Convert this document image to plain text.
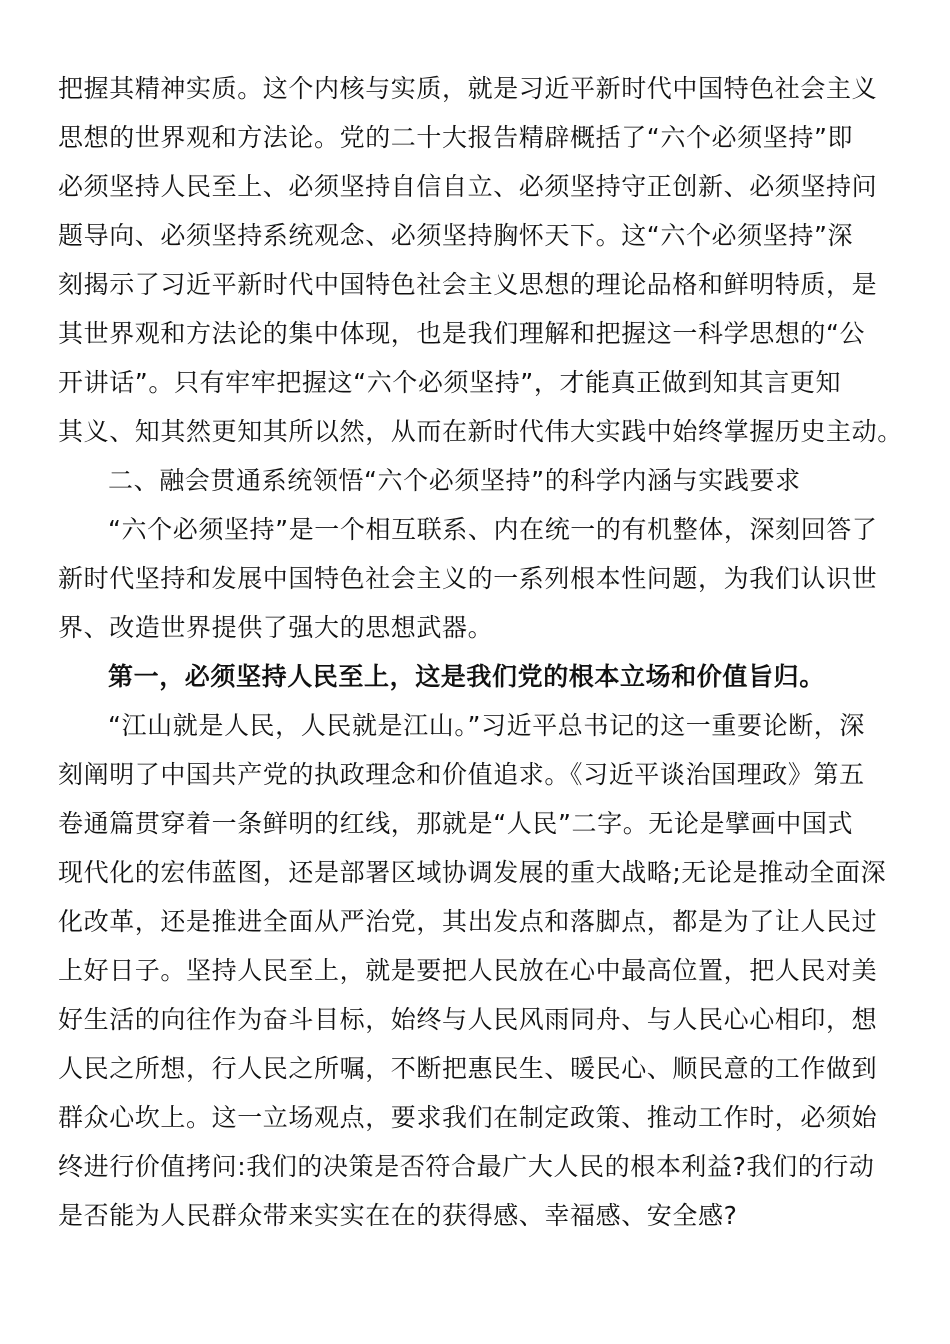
把握其精神实质。这个内核与实质，就是习近平新时代中国特色社会主义
思想的世界观和方法论。党的二十大报告精辟概括了“六个必须坚持”即
必须坚持人民至上、必须坚持自信自立、必须坚持守正创新、必须坚持问
题导向、必须坚持系统观念、必须坚持胸怀天下。这“六个必须坚持”深
刻揭示了习近平新时代中国特色社会主义思想的理论品格和鲜明特质，是
其世界观和方法论的集中体现，也是我们理解和把握这一科学思想的“公
开讲话”。只有牢牢把握这“六个必须坚持”，才能真正做到知其言更知
其义、知其然更知其所以然，从而在新时代伟大实践中始终掌握历史主动。
二、融会贯通系统领悟“六个必须坚持”的科学内涵与实践要求
“六个必须坚持”是一个相互联系、内在统一的有机整体，深刻回答了
新时代坚持和发展中国特色社会主义的一系列根本性问题，为我们认识世
界、改造世界提供了强大的思想武器。
第一，必须坚持人民至上，这是我们党的根本立场和价值旨归。
“江山就是人民，人民就是江山。”习近平总书记的这一重要论断，深
刻阐明了中国共产党的执政理念和价值追求。《习近平谈治国理政》第五
卷通篇贯穿着一条鲜明的红线，那就是“人民”二字。无论是擘画中国式
现代化的宏伟蓝图，还是部署区域协调发展的重大战略;无论是推动全面深
化改革，还是推进全面从严治党，其出发点和落脚点，都是为了让人民过
上好日子。坚持人民至上，就是要把人民放在心中最高位置，把人民对美
好生活的向往作为奋斗目标，始终与人民风雨同舟、与人民心心相印，想
人民之所想，行人民之所嘱，不断把惠民生、暖民心、顺民意的工作做到
群众心坎上。这一立场观点，要求我们在制定政策、推动工作时，必须始
终进行价值拷问:我们的决策是否符合最广大人民的根本利益?我们的行动
是否能为人民群众带来实实在在的获得感、幸福感、安全感?
